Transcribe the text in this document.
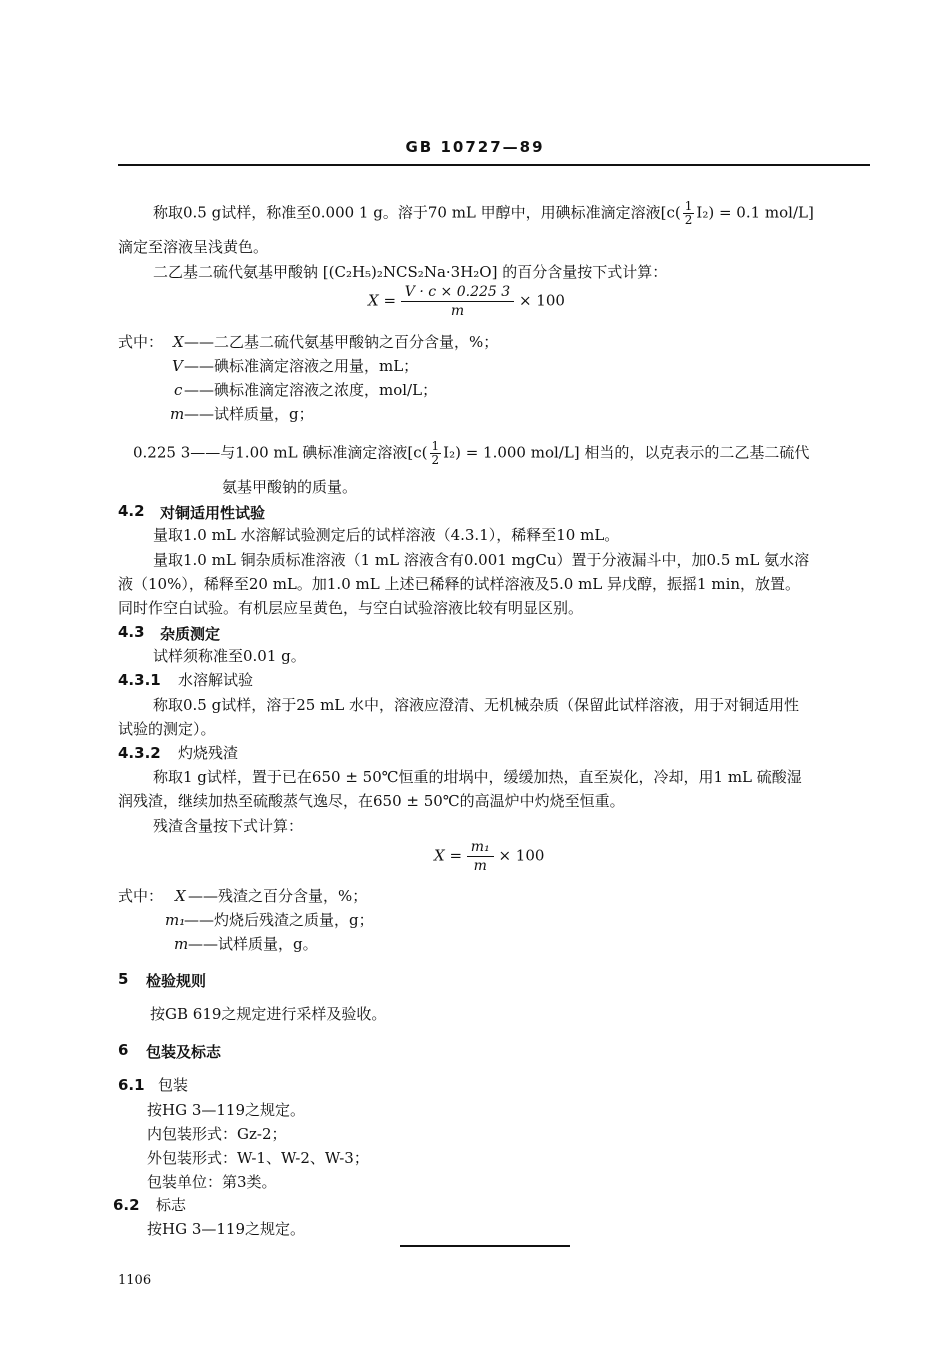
GB 10727—89
称取0.5 g试样，称准至0.000 1 g。溶于70 mL 甲醇中，用碘标准滴定溶液[$c( \frac{1}{2} I_2) = 0.1$ mol/L]
滴定至溶液呈浅黄色。
二乙基二硫代氨基甲酸钠 [(C₂H₅)₂NCS₂Na·3H₂O] 的百分含量按下式计算：
$X = \frac{V \cdot c \times 0.225 3}{m} \times 100$
式中： X ——二乙基二硫代氨基甲酸钠之百分含量，%；
V ——碘标准滴定溶液之用量，mL；
c ——碘标准滴定溶液之浓度，mol/L；
m ——试样质量，g；
0.225 3——与1.00 mL 碘标准滴定溶液[$c( \frac{1}{2} I_2) = 1.000$ mol/L] 相当的，以克表示的二乙基二硫代
氨基甲酸钠的质量。
4.2 对铜适用性试验
量取1.0 mL 水溶解试验测定后的试样溶液（4.3.1），稀释至10 mL。
量取1.0 mL 铜杂质标准溶液（1 mL 溶液含有0.001 mgCu）置于分液漏斗中，加0.5 mL 氨水溶
液（10%），稀释至20 mL。加1.0 mL 上述已稀释的试样溶液及5.0 mL 异戊醇，振摇1 min，放置。
同时作空白试验。有机层应呈黄色，与空白试验溶液比较有明显区别。
4.3 杂质测定
试样须称准至0.01 g。
4.3.1 水溶解试验
称取0.5 g试样，溶于25 mL 水中，溶液应澄清、无机械杂质（保留此试样溶液，用于对铜适用性
试验的测定）。
4.3.2 灼烧残渣
称取1 g试样，置于已在650 ± 50℃恒重的坩埚中，缓缓加热，直至炭化，冷却，用1 mL 硫酸湿
润残渣，继续加热至硫酸蒸气逸尽，在650 ± 50℃的高温炉中灼烧至恒重。
残渣含量按下式计算：
$X = \frac{\text{m₁}}{m} \times 100$
式中： X ——残渣之百分含量，%；
m₁
——灼烧后残渣之质量，g；
m ——试样质量，g。
5 检验规则
按GB 619之规定进行采样及验收。
6 包装及标志
6.1 包装
按HG 3—119之规定。
内包装形式：Gz-2；
外包装形式：W-1、W-2、W-3；
包装单位：第3类。
6.2 标志
按HG 3—119之规定。
1106
